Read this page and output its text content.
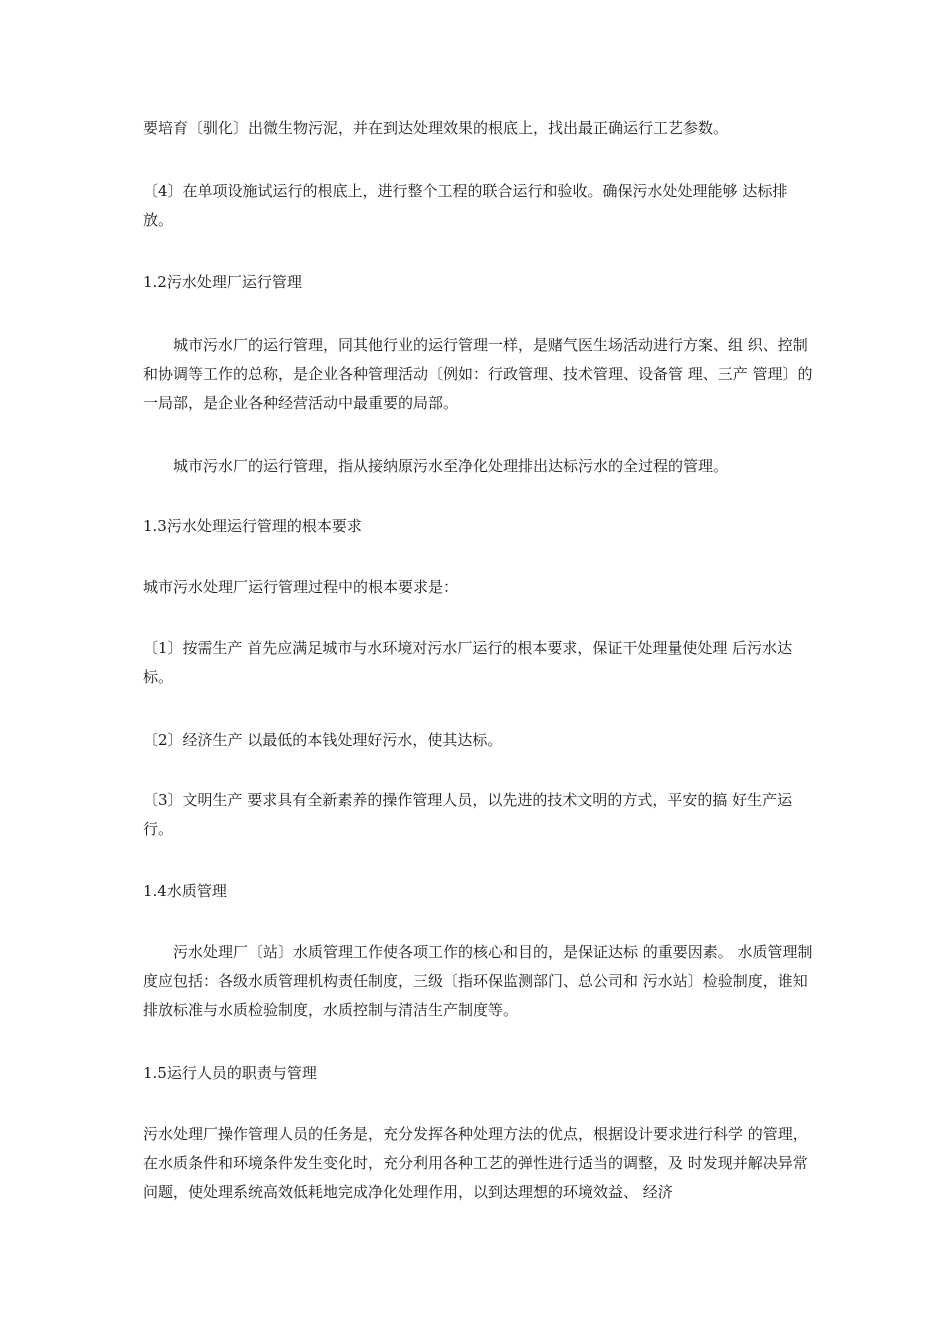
要培育〔驯化〕出微生物污泥，并在到达处理效果的根底上，找出最正确运行工艺参数。

〔4〕在单项设施试运行的根底上，进行整个工程的联合运行和验收。确保污水处处理能够 达标排放。

1.2污水处理厂运行管理

城市污水厂的运行管理，同其他行业的运行管理一样，是赌气医生场活动进行方案、组 织、控制和协调等工作的总称，是企业各种管理活动〔例如：行政管理、技术管理、设备管 理、三产 管理〕的一局部，是企业各种经营活动中最重要的局部。

城市污水厂的运行管理，指从接纳原污水至净化处理排出达标污水的全过程的管理。

1.3污水处理运行管理的根本要求

城市污水处理厂运行管理过程中的根本要求是：

〔1〕按需生产 首先应满足城市与水环境对污水厂运行的根本要求，保证干处理量使处理 后污水达标。

〔2〕经济生产 以最低的本钱处理好污水，使其达标。

〔3〕文明生产 要求具有全新素养的操作管理人员，以先进的技术文明的方式，平安的搞 好生产运行。

1.4水质管理

污水处理厂〔站〕水质管理工作使各项工作的核心和目的，是保证达标 的重要因素。 水质管理制度应包括：各级水质管理机构责任制度，三级〔指环保监测部门、总公司和 污水站〕检验制度，谁知排放标准与水质检验制度，水质控制与清洁生产制度等。

1.5运行人员的职责与管理

污水处理厂操作管理人员的任务是，充分发挥各种处理方法的优点，根据设计要求进行科学 的管理，在水质条件和环境条件发生变化时，充分利用各种工艺的弹性进行适当的调整，及 时发现并解决异常问题，使处理系统高效低耗地完成净化处理作用，以到达理想的环境效益、 经济
